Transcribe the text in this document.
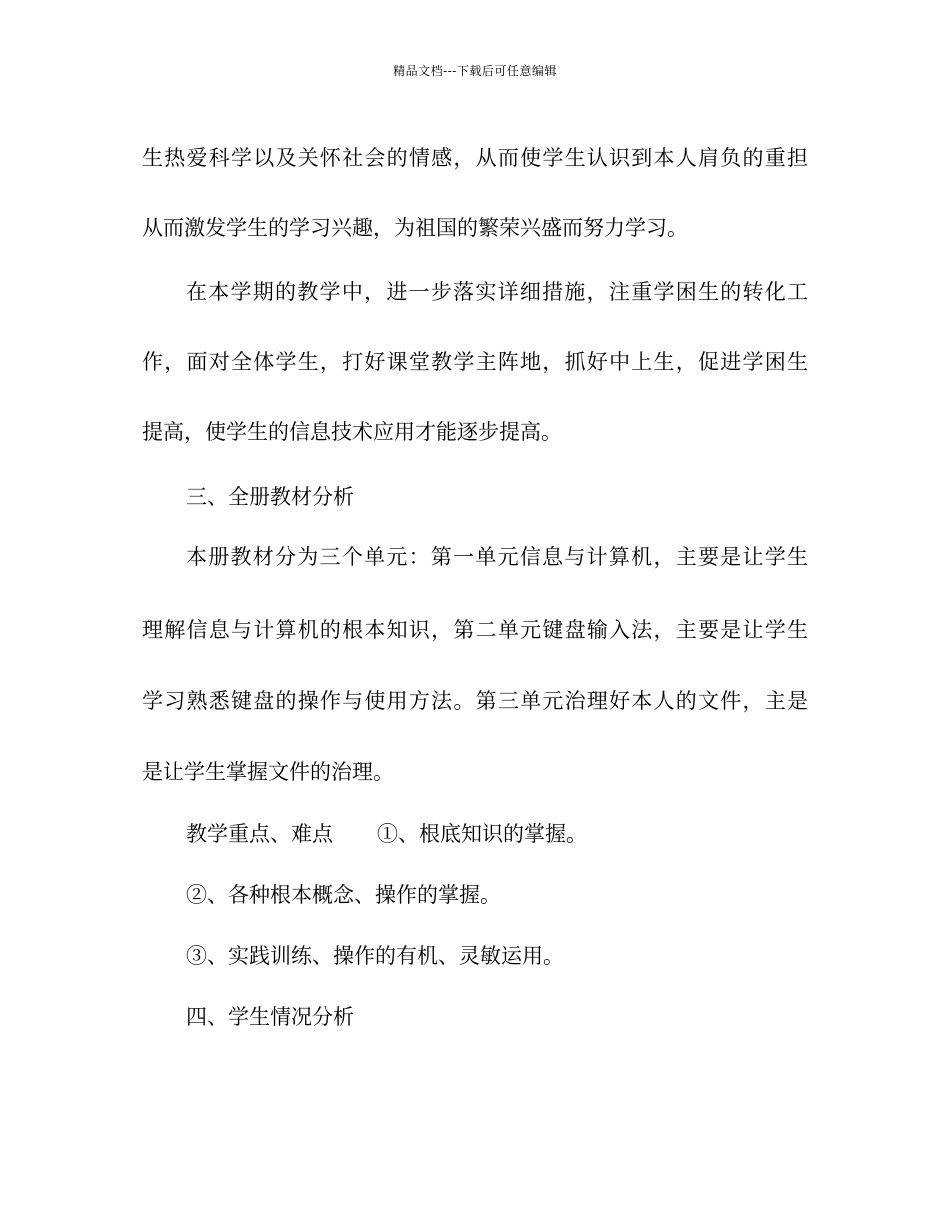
精品文档---下载后可任意编辑
生热爱科学以及关怀社会的情感，从而使学生认识到本人肩负的重担
从而激发学生的学习兴趣，为祖国的繁荣兴盛而努力学习。
在本学期的教学中，进一步落实详细措施，注重学困生的转化工
作，面对全体学生，打好课堂教学主阵地，抓好中上生，促进学困生
提高，使学生的信息技术应用才能逐步提高。
三、全册教材分析
本册教材分为三个单元：第一单元信息与计算机，主要是让学生
理解信息与计算机的根本知识，第二单元键盘输入法，主要是让学生
学习熟悉键盘的操作与使用方法。第三单元治理好本人的文件，主是
是让学生掌握文件的治理。
教学重点、难点 ①、根底知识的掌握。
②、各种根本概念、操作的掌握。
③、实践训练、操作的有机、灵敏运用。
四、学生情况分析
